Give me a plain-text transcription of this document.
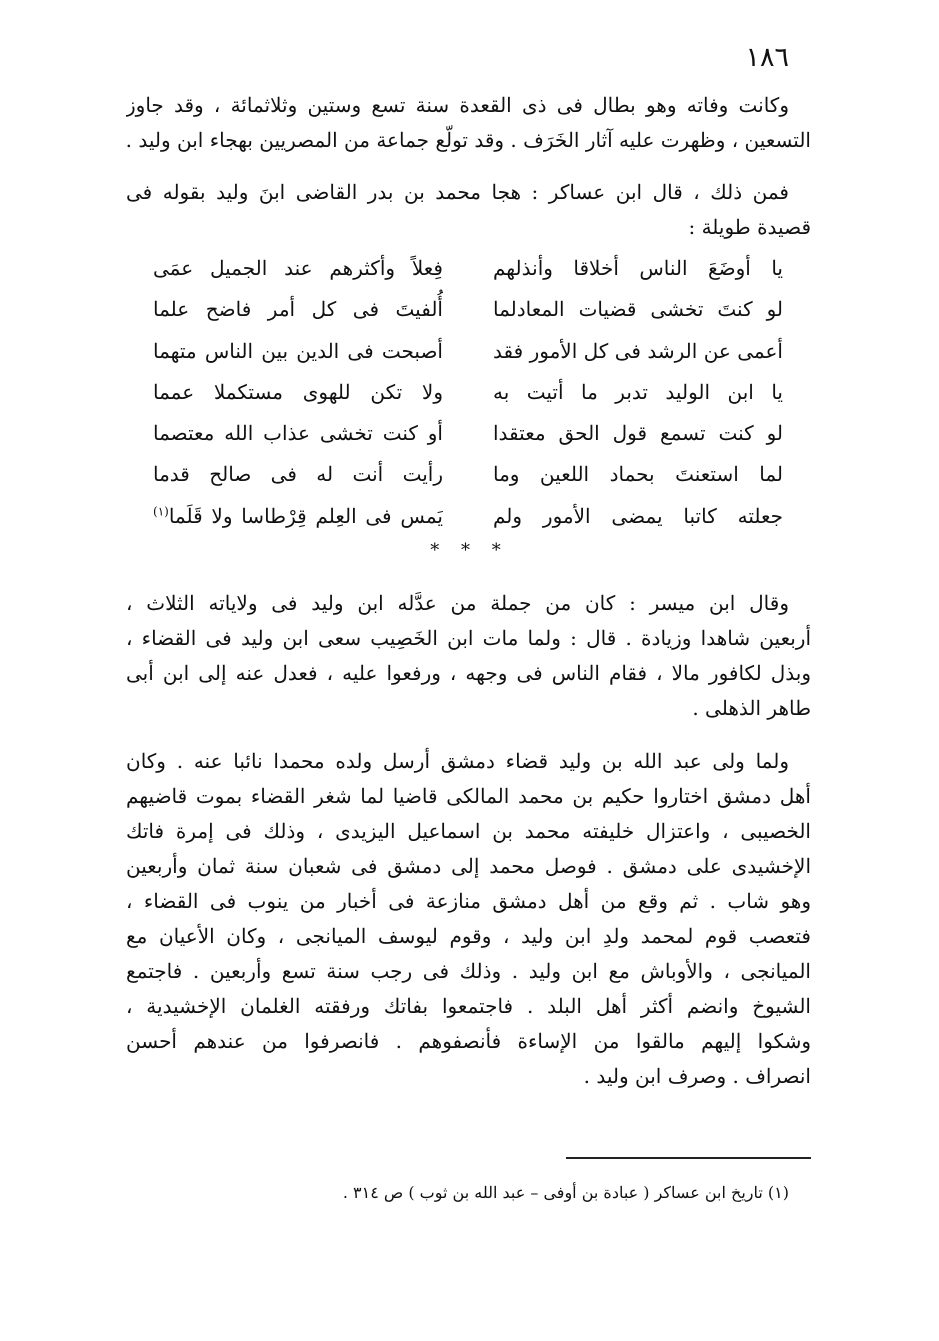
١٨٦
وكانت وفاته وهو بطال فى ذى القعدة سنة تسع وستين وثلاثمائة ، وقد جاوز
التسعين ، وظهرت عليه آثار الخَرَف . وقد تولّع جماعة من المصريين بهجاء ابن وليد .
فمن ذلك ، قال ابن عساكر : هجا محمد بن بدر القاضى ابنَ وليد بقوله فى
قصيدة طويلة :
يا أوضَعَ الناس أخلاقا وأنذلهم
فِعلاً وأكثرهم عند الجميل عمَى
لو كنتَ تخشى قضيات المعادلما
أُلفيتَ فى كل أمر فاضح علما
أعمى عن الرشد فى كل الأمور فقد
أصبحت فى الدين بين الناس متهما
يا ابن الوليد تدبر ما أتيت به
ولا تكن للهوى مستكملا عمما
لو كنت تسمع قول الحق معتقدا
أو كنت تخشى عذاب الله معتصما
لما استعنتَ بحماد اللعين وما
رأيت أنت له فى صالح قدما
جعلته كاتبا يمضى الأمور ولم
يَمس فى العِلم قِرْطاسا ولا قَلَما$^{(١)}$
* * *
وقال ابن ميسر : كان من جملة من عدَّله ابن وليد فى ولاياته الثلاث ،
أربعين شاهدا وزيادة . قال : ولما مات ابن الخَصِيب سعى ابن وليد فى القضاء ،
وبذل لكافور مالا ، فقام الناس فى وجهه ، ورفعوا عليه ، فعدل عنه إلى ابن أبى
طاهر الذهلى .
ولما ولى عبد الله بن وليد قضاء دمشق أرسل ولده محمدا نائبا عنه . وكان
أهل دمشق اختاروا حكيم بن محمد المالكى قاضيا لما شغر القضاء بموت قاضيهم
الخصيبى ، واعتزال خليفته محمد بن اسماعيل اليزيدى ، وذلك فى إمرة فاتك
الإخشيدى على دمشق . فوصل محمد إلى دمشق فى شعبان سنة ثمان وأربعين
وهو شاب . ثم وقع من أهل دمشق منازعة فى أخبار من ينوب فى القضاء ،
فتعصب قوم لمحمد ولدِ ابن وليد ، وقوم ليوسف الميانجى ، وكان الأعيان مع
الميانجى ، والأوباش مع ابن وليد . وذلك فى رجب سنة تسع وأربعين . فاجتمع
الشيوخ وانضم أكثر أهل البلد . فاجتمعوا بفاتك ورفقته الغلمان الإخشيدية ،
وشكوا إليهم مالقوا من الإساءة فأنصفوهم . فانصرفوا من عندهم أحسن
انصراف . وصرف ابن وليد .
(١) تاريخ ابن عساكر ( عبادة بن أوفى – عبد الله بن ثوب ) ص ٣١٤ .
